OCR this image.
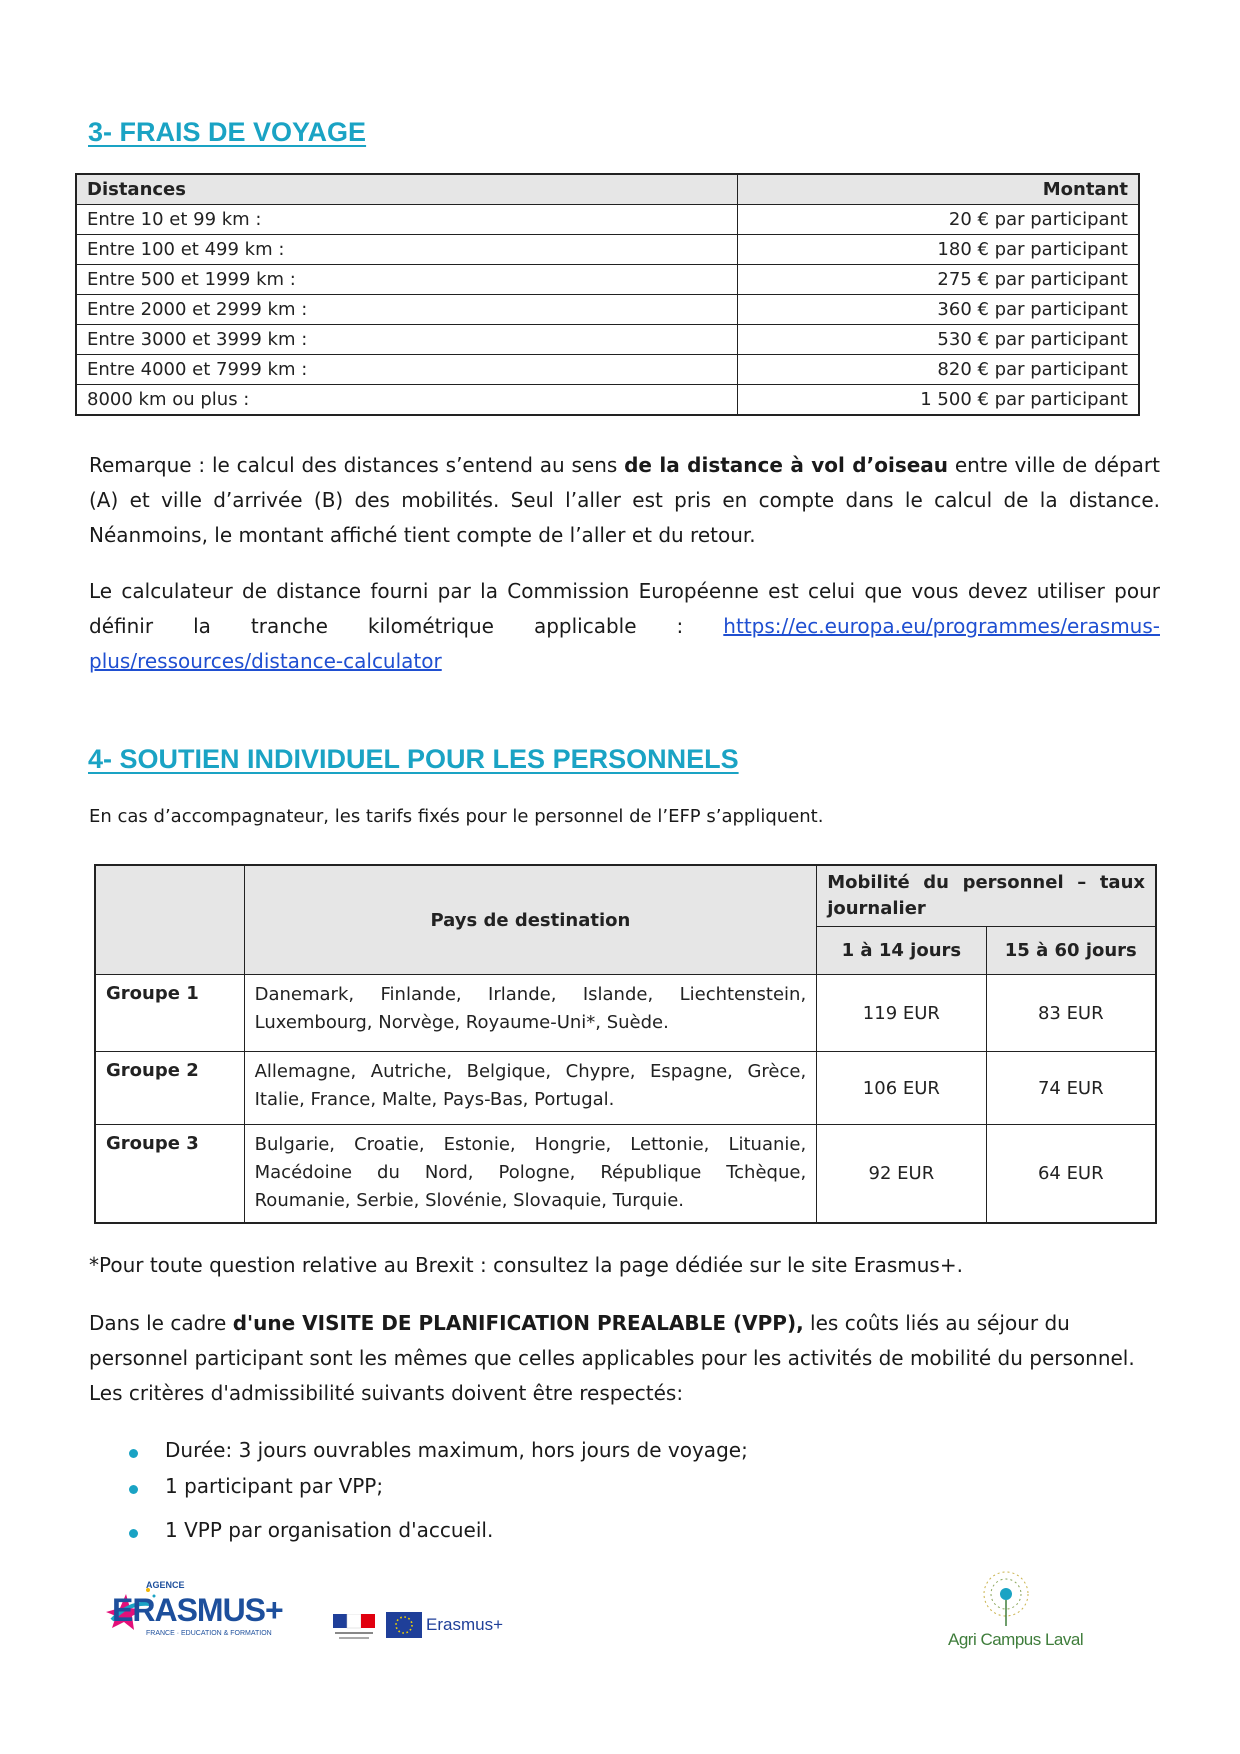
3- FRAIS DE VOYAGE
Distances	Montant
Entre 10 et 99 km :	20 € par participant
Entre 100 et 499 km :	180 € par participant
Entre 500 et 1999 km :	275 € par participant
Entre 2000 et 2999 km :	360 € par participant
Entre 3000 et 3999 km :	530 € par participant
Entre 4000 et 7999 km :	820 € par participant
8000 km ou plus :	1 500 € par participant

Remarque : le calcul des distances s’entend au sens de la distance à vol d’oiseau entre ville de départ (A) et ville d’arrivée (B) des mobilités. Seul l’aller est pris en compte dans le calcul de la distance. Néanmoins, le montant affiché tient compte de l’aller et du retour.

Le calculateur de distance fourni par la Commission Européenne est celui que vous devez utiliser pour définir la tranche kilométrique applicable : https://ec.europa.eu/programmes/erasmus-plus/ressources/distance-calculator

4- SOUTIEN INDIVIDUEL POUR LES PERSONNELS
En cas d’accompagnateur, les tarifs fixés pour le personnel de l’EFP s’appliquent.
	Pays de destination	Mobilité du personnel – taux journalier	
		1 à 14 jours	15 à 60 jours
Groupe 1	Danemark, Finlande, Irlande, Islande, Liechtenstein, Luxembourg, Norvège, Royaume-Uni*, Suède.	119 EUR	83 EUR
Groupe 2	Allemagne, Autriche, Belgique, Chypre, Espagne, Grèce, Italie, France, Malte, Pays-Bas, Portugal.	106 EUR	74 EUR
Groupe 3	Bulgarie, Croatie, Estonie, Hongrie, Lettonie, Lituanie, Macédoine du Nord, Pologne, République Tchèque, Roumanie, Serbie, Slovénie, Slovaquie, Turquie.	92 EUR	64 EUR
*Pour toute question relative au Brexit : consultez la page dédiée sur le site Erasmus+.

Dans le cadre d'une VISITE DE PLANIFICATION PREALABLE (VPP), les coûts liés au séjour du personnel participant sont les mêmes que celles applicables pour les activités de mobilité du personnel. Les critères d'admissibilité suivants doivent être respectés:

Durée: 3 jours ouvrables maximum, hors jours de voyage;
1 participant par VPP;
1 VPP par organisation d'accueil.
AGENCE
ERASMUS+
FRANCE · EDUCATION & FORMATION	Erasmus+
Agri Campus Laval
